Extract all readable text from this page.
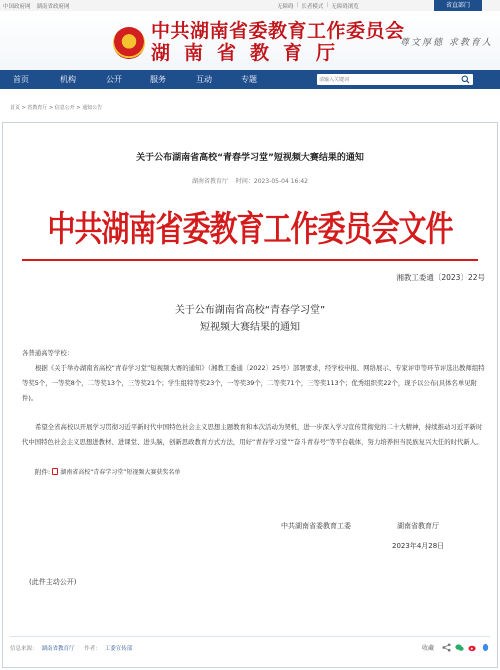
中国政府网 湖南省政府网	无障碍 | 长者模式 | 无障碍浏览	省直部门
中共湖南省委教育工作委员会
湖南省教育厅	尊文厚德 求教育人
首页	机构	公开	服务	互动	专题
请输入关键词
首页 > 省教育厅 > 信息公开 > 通知公告
关于公布湖南省高校“青春学习堂”短视频大赛结果的通知
湖南省教育厅 时间：2023-05-04 16:42
中共湖南省委教育工作委员会文件
湘教工委通〔2023〕22号
关于公布湖南省高校“青春学习堂”
短视频大赛结果的通知
各普通高等学校：
根据《关于举办湖南省高校“青春学习堂”短视频大赛的通知》（湘教工委通〔2022〕25号）部署要求，经学校申报、网络展示、专家评审等环节评选出教师组特等奖5个，一等奖8个，二等奖13个，三等奖21个；学生组特等奖23个，一等奖39个，二等奖71个，三等奖113个；优秀组织奖22个，现予以公布(具体名单见附件)。
希望全省高校以开展学习贯彻习近平新时代中国特色社会主义思想主题教育和本次活动为契机，进一步深入学习宣传贯彻党的二十大精神，持续推动习近平新时代中国特色社会主义思想进教材、进课堂、进头脑，创新思政教育方式方法，用好“青春学习堂”“奋斗青春号”等平台载体，努力培养担当民族复兴大任的时代新人。
附件: 湖南省高校“青春学习堂”短视频大赛获奖名单
中共湖南省委教育工委	湖南省教育厅
2023年4月28日
(此件主动公开)
信息来源： 湖南省教育厅 作者： 工委宣传部	收藏
